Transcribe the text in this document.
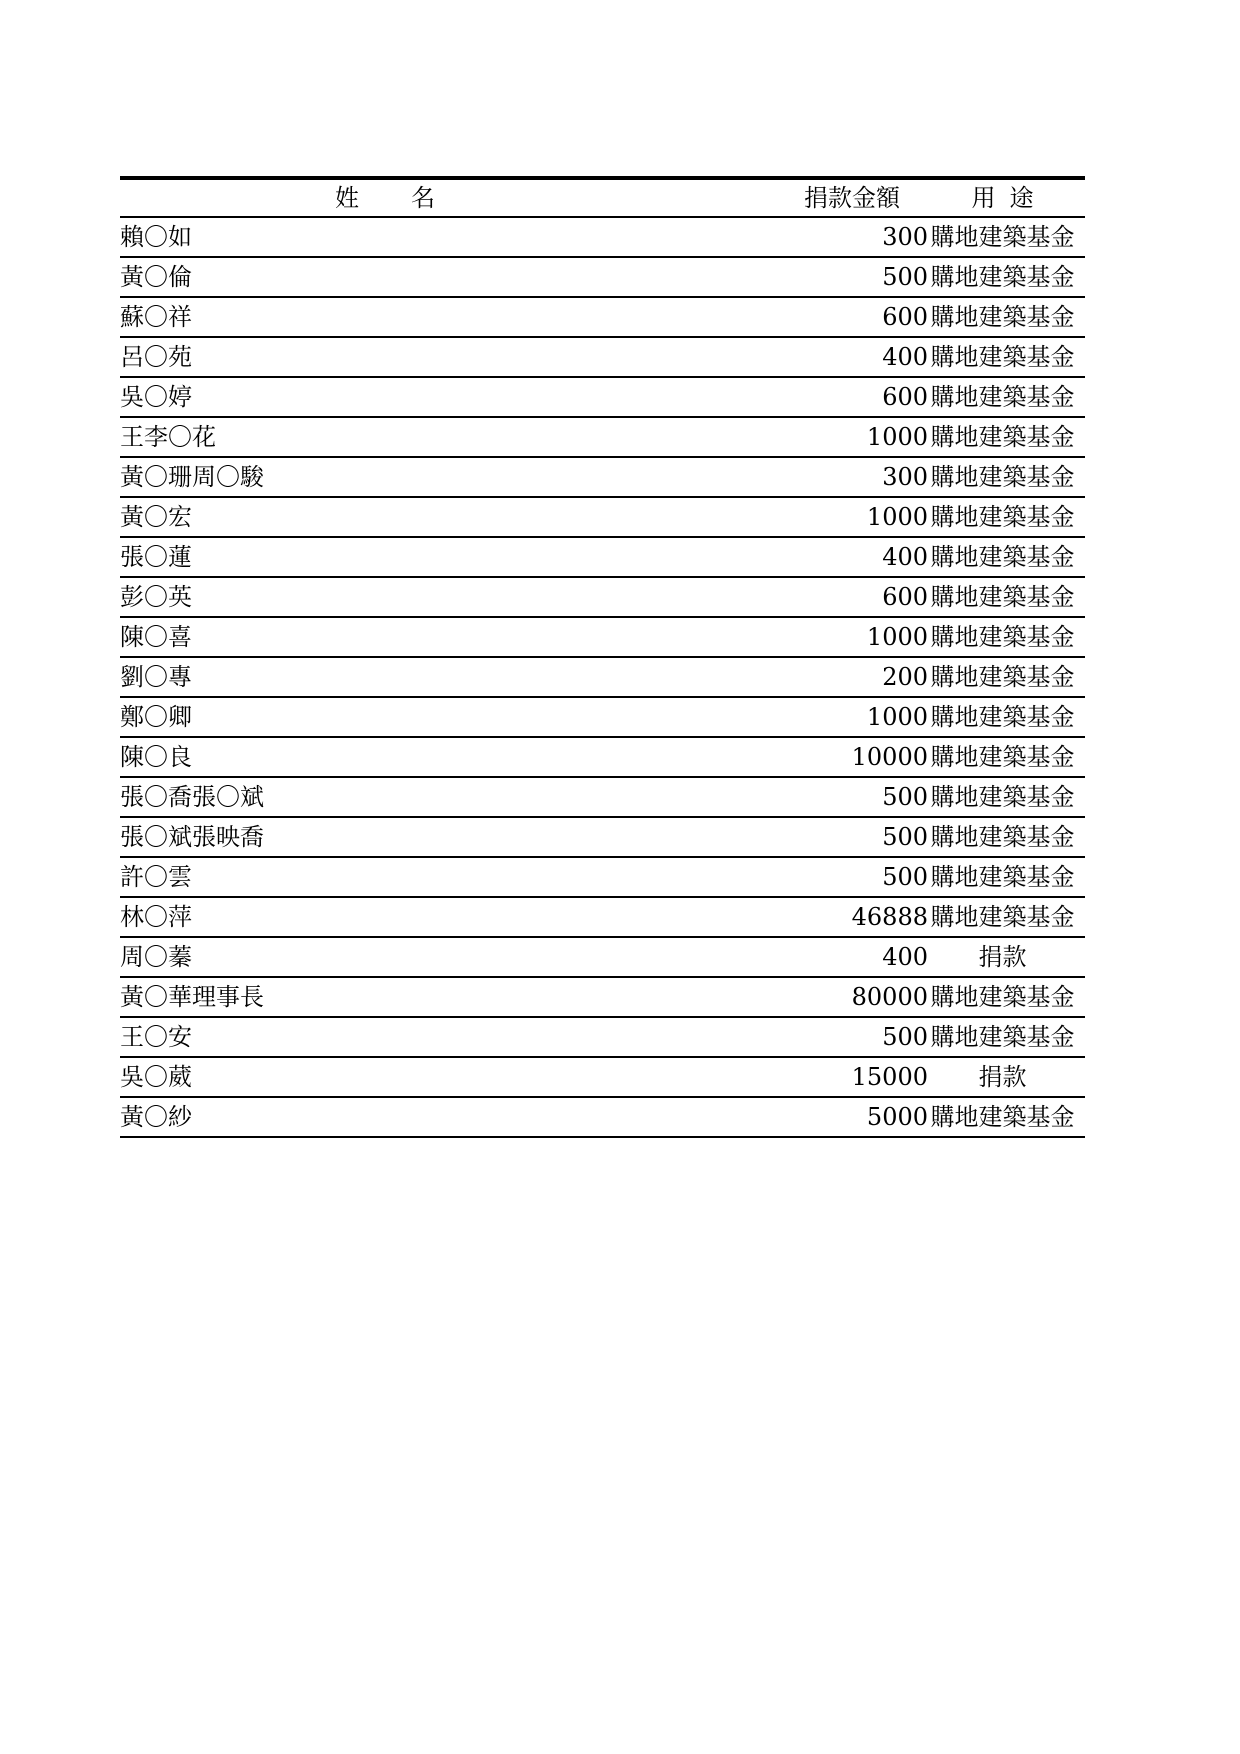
姓 名	捐款金額	用 途
賴〇如	300	購地建築基金
黃〇倫	500	購地建築基金
蘇〇祥	600	購地建築基金
呂〇苑	400	購地建築基金
吳〇婷	600	購地建築基金
王李〇花	1000	購地建築基金
黃〇珊周〇駿	300	購地建築基金
黃〇宏	1000	購地建築基金
張〇蓮	400	購地建築基金
彭〇英	600	購地建築基金
陳〇喜	1000	購地建築基金
劉〇專	200	購地建築基金
鄭〇卿	1000	購地建築基金
陳〇良	10000	購地建築基金
張〇喬張〇斌	500	購地建築基金
張〇斌張映喬	500	購地建築基金
許〇雲	500	購地建築基金
林〇萍	46888	購地建築基金
周〇蓁	400	捐款
黃〇華理事長	80000	購地建築基金
王〇安	500	購地建築基金
吳〇葳	15000	捐款
黃〇紗	5000	購地建築基金
